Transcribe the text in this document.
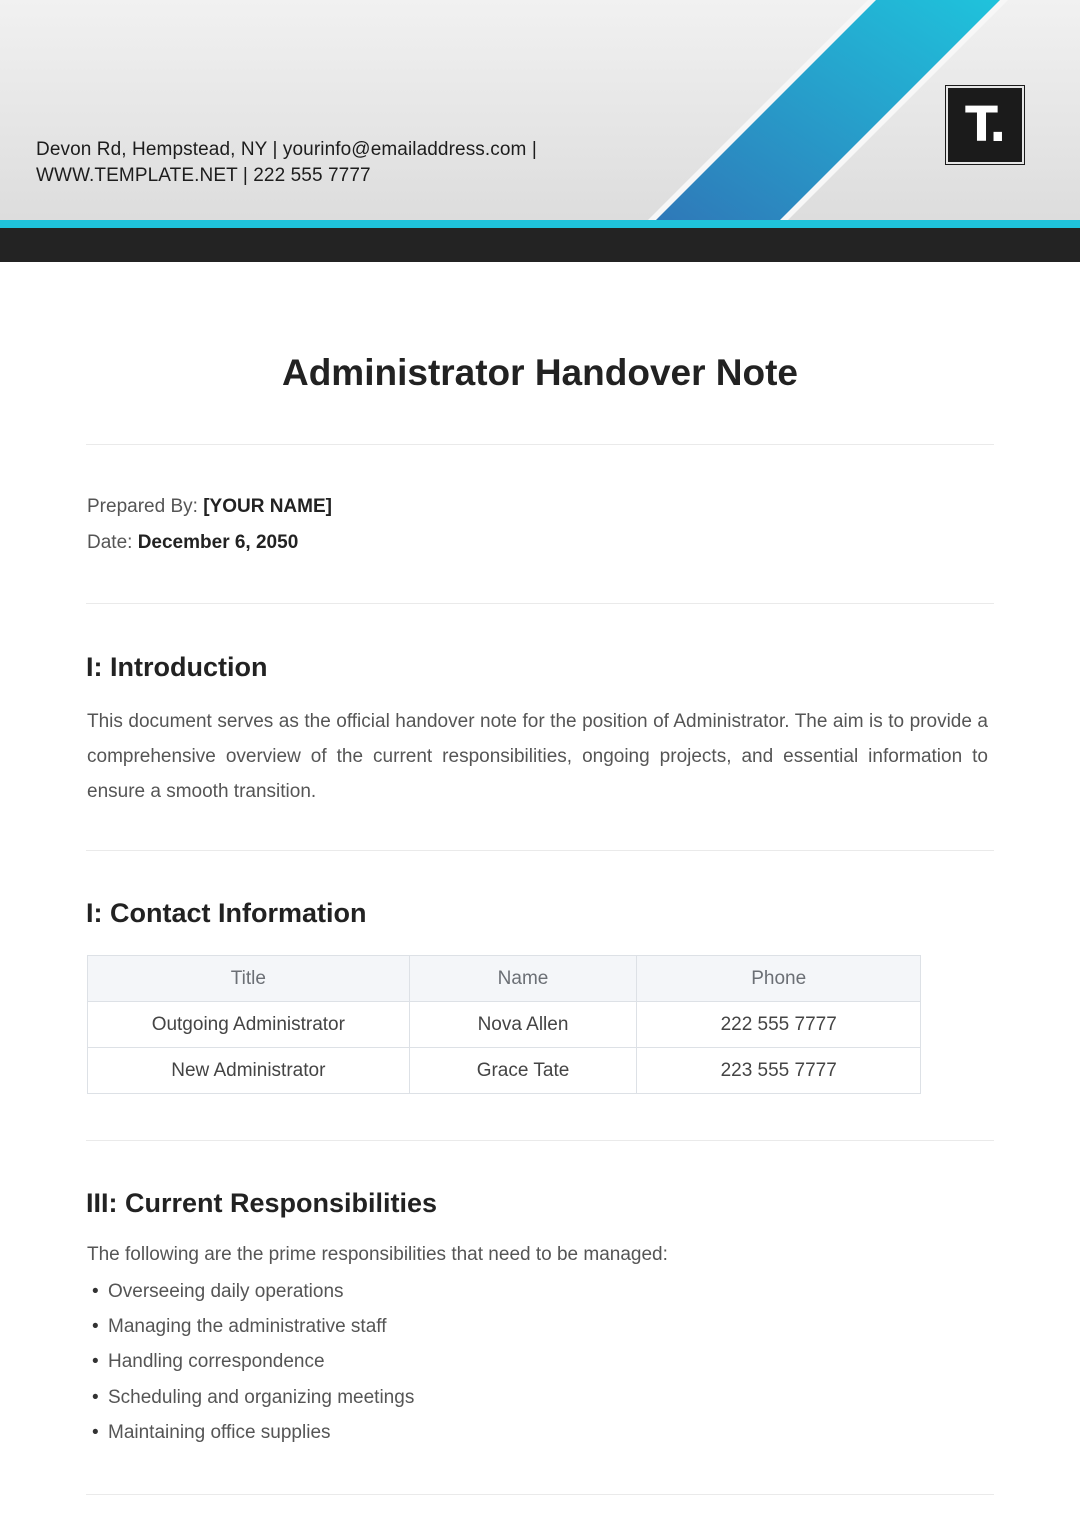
Devon Rd, Hempstead, NY | yourinfo@emailaddress.com |
WWW.TEMPLATE.NET | 222 555 7777
T.
Administrator Handover Note
Prepared By: [YOUR NAME]
Date: December 6, 2050
I: Introduction

This document serves as the official handover note for the position of Administrator. The aim is to provide a comprehensive overview of the current responsibilities, ongoing projects, and essential information to ensure a smooth transition.

I: Contact Information
Title	Name	Phone
Outgoing Administrator	Nova Allen	222 555 7777
New Administrator	Grace Tate	223 555 7777
III: Current Responsibilities
The following are the prime responsibilities that need to be managed:
• Overseeing daily operations
• Managing the administrative staff
• Handling correspondence
• Scheduling and organizing meetings
• Maintaining office supplies
